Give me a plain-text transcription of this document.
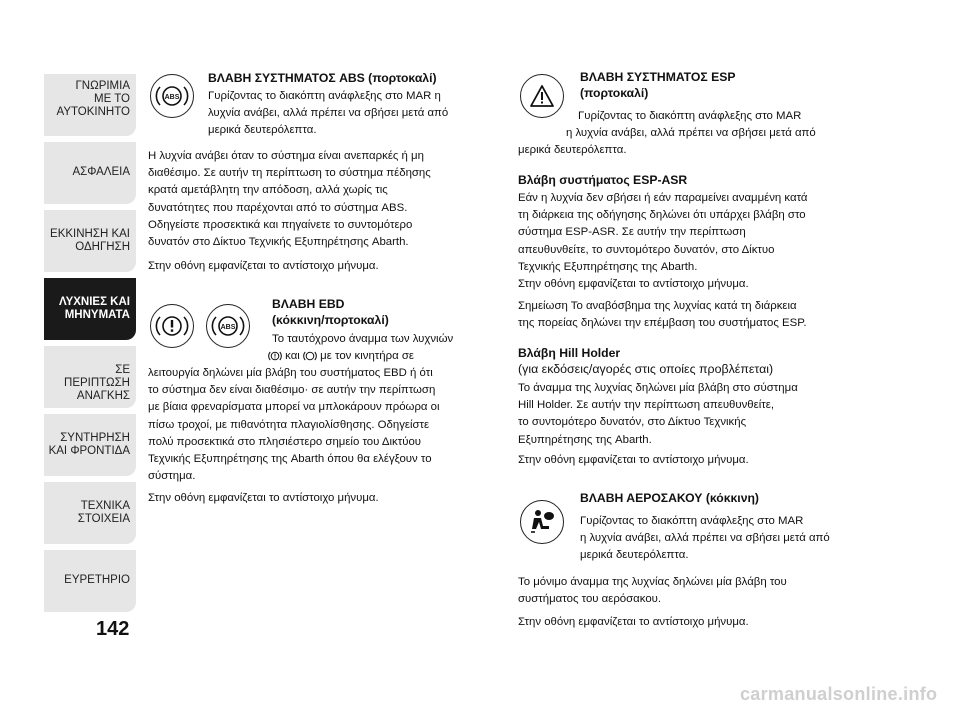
ΓΝΩΡΙΜΙΑ
ΜΕ ΤΟ
ΑΥΤΟΚΙΝΗΤΟ
ΑΣΦΑΛΕΙΑ
ΕΚΚΙΝΗΣΗ ΚΑΙ
ΟΔΗΓΗΣΗ
ΛΥΧΝΙΕΣ ΚΑΙ
ΜΗΝΥΜΑΤΑ
ΣΕ ΠΕΡΙΠΤΩΣΗ
ΑΝΑΓΚΗΣ
ΣΥΝΤΗΡΗΣΗ
ΚΑΙ ΦΡΟΝΤΙΔΑ
ΤΕΧΝΙΚΑ
ΣΤΟΙΧΕΙΑ
ΕΥΡΕΤΗΡΙΟ
142
ABS
ΒΛΑΒΗ ΣΥΣΤΗΜΑΤΟΣ ABS (πορτοκαλί)
Γυρίζοντας το διακόπτη ανάφλεξης στο MAR η
λυχνία ανάβει, αλλά πρέπει να σβήσει μετά από
μερικά δευτερόλεπτα.
Η λυχνία ανάβει όταν το σύστημα είναι ανεπαρκές ή μη
διαθέσιμο. Σε αυτήν τη περίπτωση το σύστημα πέδησης
κρατά αμετάβλητη την απόδοση, αλλά χωρίς τις
δυνατότητες που παρέχονται από το σύστημα ABS.
Οδηγείστε προσεκτικά και πηγαίνετε το συντομότερο
δυνατόν στο Δίκτυο Τεχνικής Εξυπηρέτησης Abarth.
Στην οθόνη εμφανίζεται το αντίστοιχο μήνυμα.
ABS
ΒΛΑΒΗ EBD
(κόκκινη/πορτοκαλί)
Το ταυτόχρονο άναμμα των λυχνιών
και  με τον κινητήρα σε
λειτουργία δηλώνει μία βλάβη του συστήματος EBD ή ότι
το σύστημα δεν είναι διαθέσιμο· σε αυτήν την περίπτωση
με βίαια φρεναρίσματα μπορεί να μπλοκάρουν πρόωρα οι
πίσω τροχοί, με πιθανότητα πλαγιολίσθησης. Οδηγείστε
πολύ προσεκτικά στο πλησιέστερο σημείο του Δικτύου
Τεχνικής Εξυπηρέτησης της Abarth όπου θα ελέγξουν το
σύστημα.
Στην οθόνη εμφανίζεται το αντίστοιχο μήνυμα.
ΒΛΑΒΗ ΣΥΣΤΗΜΑΤΟΣ ESP
(πορτοκαλί)
Γυρίζοντας το διακόπτη ανάφλεξης στο MAR
η λυχνία ανάβει, αλλά πρέπει να σβήσει μετά από
μερικά δευτερόλεπτα.
Βλάβη συστήματος ESP-ASR
Εάν η λυχνία δεν σβήσει ή εάν παραμείνει αναμμένη κατά
τη διάρκεια της οδήγησης δηλώνει ότι υπάρχει βλάβη στο
σύστημα ESP-ASR. Σε αυτήν την περίπτωση
απευθυνθείτε, το συντομότερο δυνατόν, στο Δίκτυο
Τεχνικής Εξυπηρέτησης της Abarth.
Στην οθόνη εμφανίζεται το αντίστοιχο μήνυμα.
Σημείωση Το αναβόσβημα της λυχνίας κατά τη διάρκεια
της πορείας δηλώνει την επέμβαση του συστήματος ESP.
Βλάβη Hill Holder
(για εκδόσεις/αγορές στις οποίες προβλέπεται)
Το άναμμα της λυχνίας δηλώνει μία βλάβη στο σύστημα
Hill Holder. Σε αυτήν την περίπτωση απευθυνθείτε,
το συντομότερο δυνατόν, στο Δίκτυο Τεχνικής
Εξυπηρέτησης της Abarth.
Στην οθόνη εμφανίζεται το αντίστοιχο μήνυμα.
ΒΛΑΒΗ ΑΕΡΟΣΑΚΟΥ (κόκκινη)
Γυρίζοντας το διακόπτη ανάφλεξης στο MAR
η λυχνία ανάβει, αλλά πρέπει να σβήσει μετά από
μερικά δευτερόλεπτα.
Το μόνιμο άναμμα της λυχνίας δηλώνει μία βλάβη του
συστήματος του αερόσακου.
Στην οθόνη εμφανίζεται το αντίστοιχο μήνυμα.
carmanualsonline.info
